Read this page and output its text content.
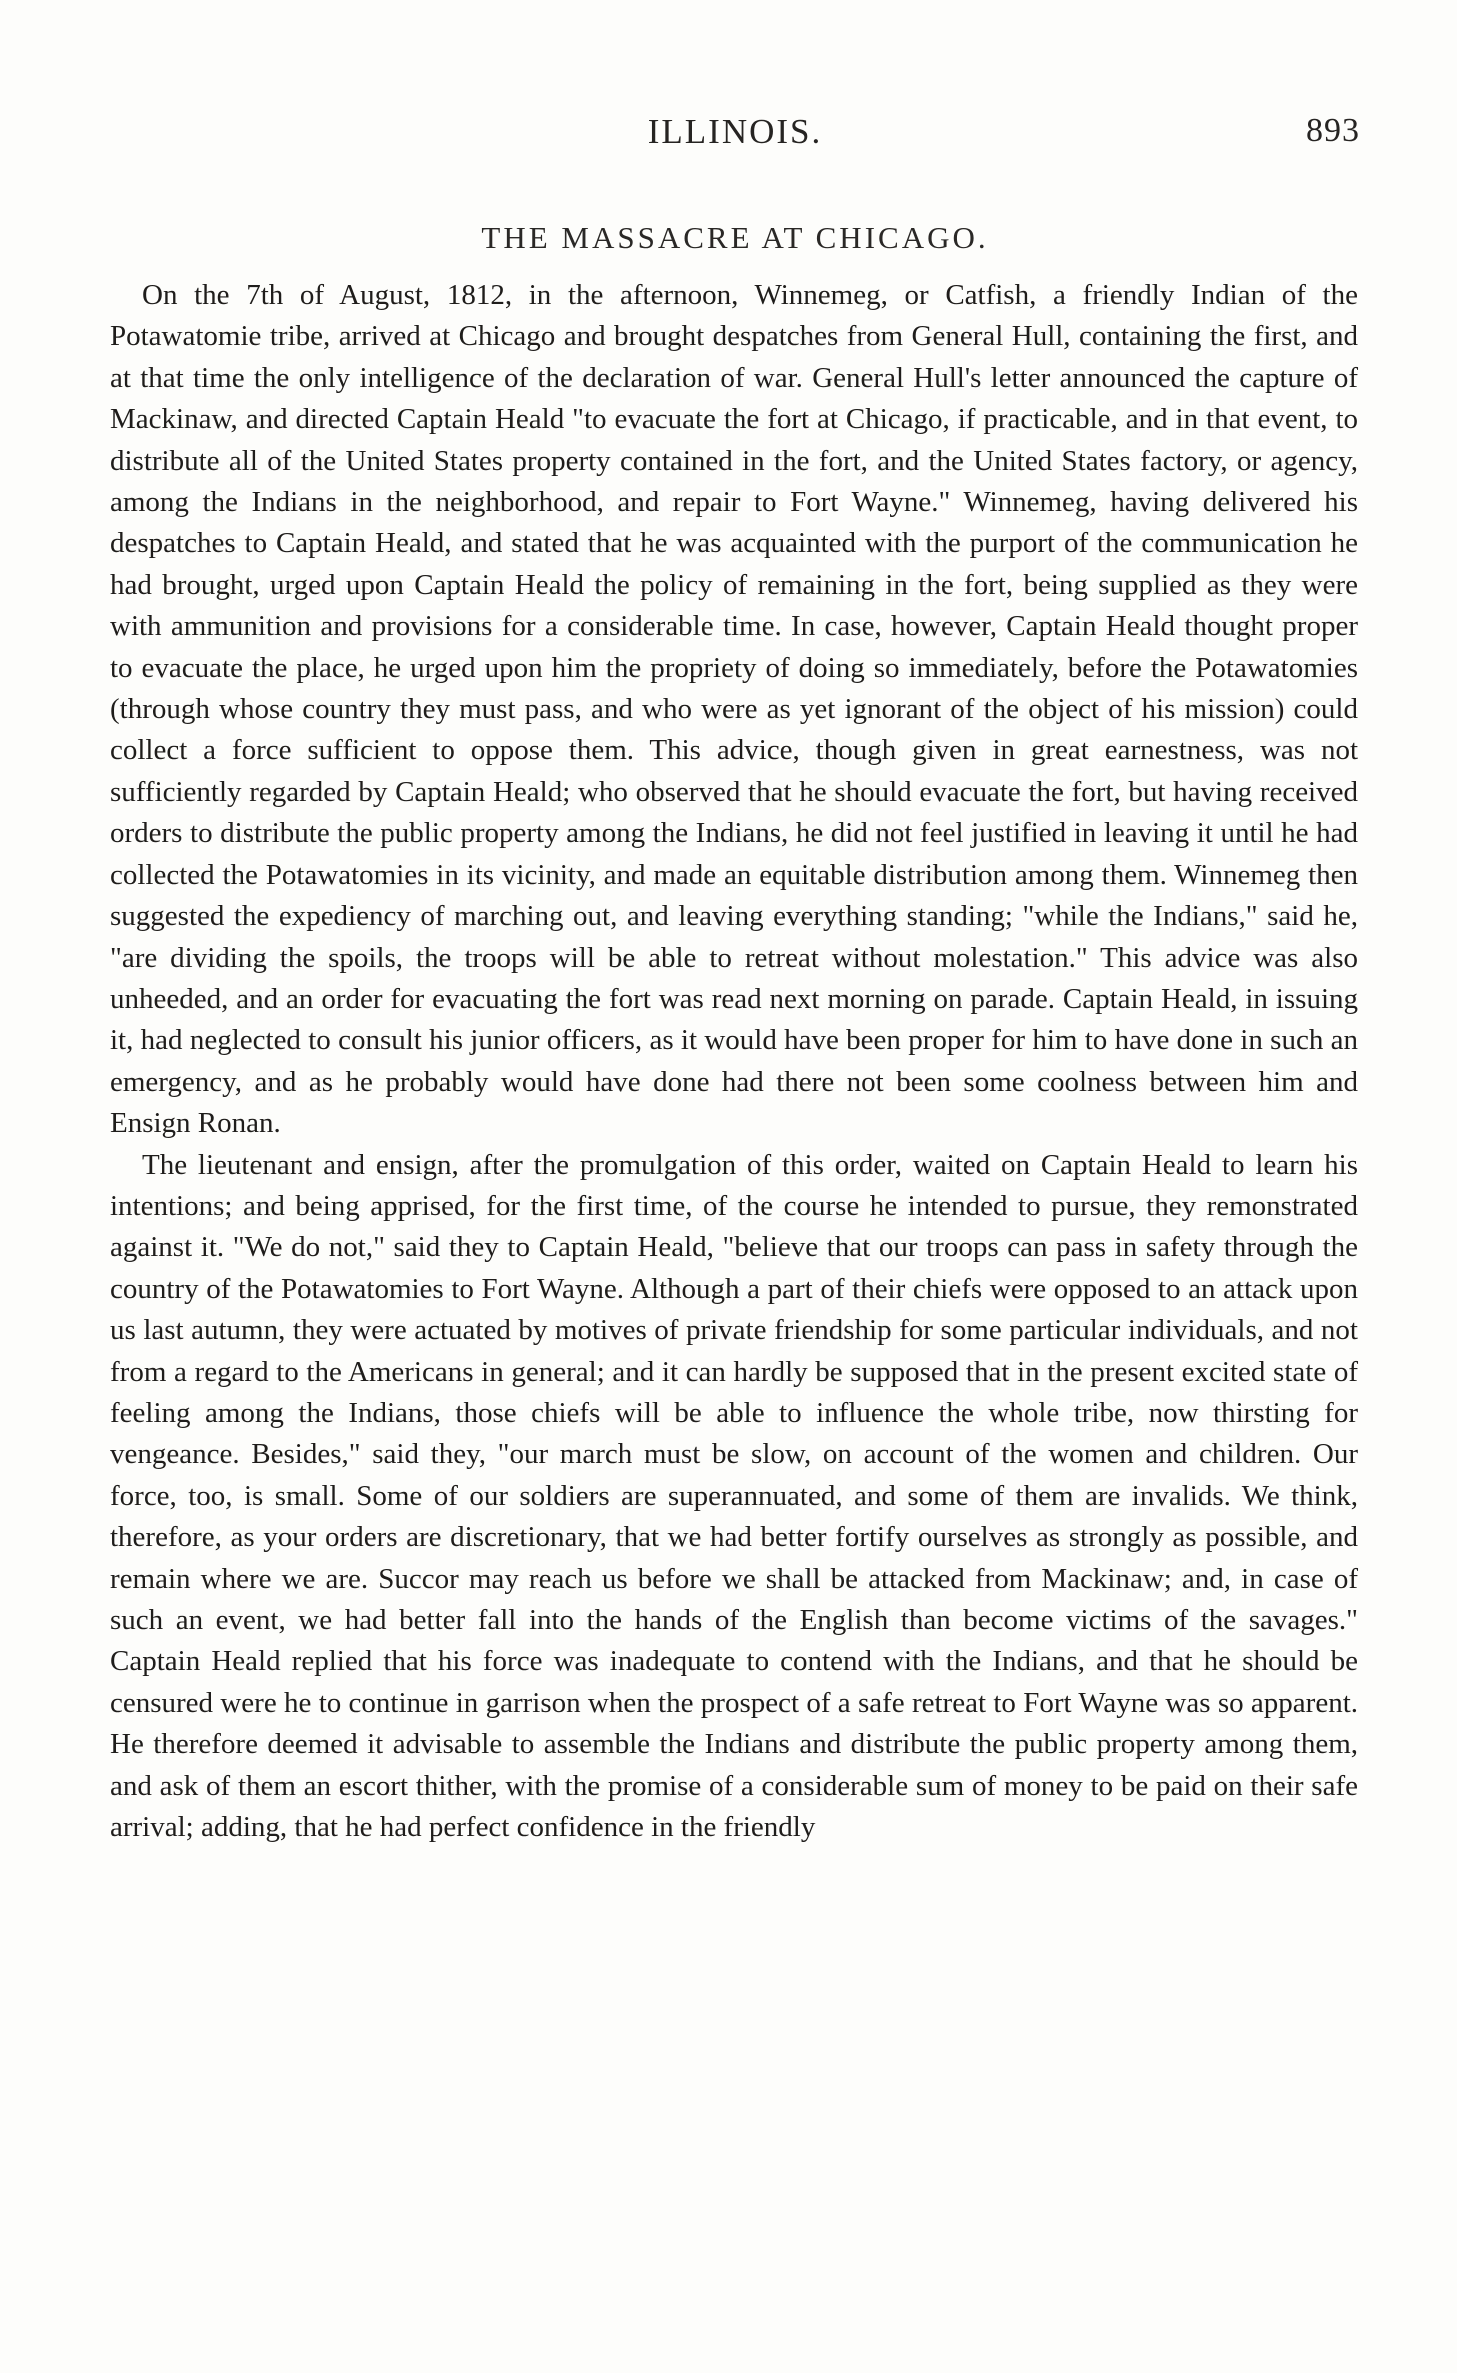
ILLINOIS.	893
THE MASSACRE AT CHICAGO.

On the 7th of August, 1812, in the afternoon, Winnemeg, or Catfish, a friendly Indian of the Potawatomie tribe, arrived at Chicago and brought despatches from General Hull, containing the first, and at that time the only intelligence of the declaration of war. General Hull's letter announced the capture of Mackinaw, and directed Captain Heald "to evacuate the fort at Chicago, if practicable, and in that event, to distribute all of the United States property contained in the fort, and the United States factory, or agency, among the Indians in the neighborhood, and repair to Fort Wayne." Winnemeg, having delivered his despatches to Captain Heald, and stated that he was acquainted with the purport of the communication he had brought, urged upon Captain Heald the policy of remaining in the fort, being supplied as they were with ammunition and provisions for a considerable time. In case, however, Captain Heald thought proper to evacuate the place, he urged upon him the propriety of doing so immediately, before the Potawatomies (through whose country they must pass, and who were as yet ignorant of the object of his mission) could collect a force sufficient to oppose them. This advice, though given in great earnestness, was not sufficiently regarded by Captain Heald; who observed that he should evacuate the fort, but having received orders to distribute the public property among the Indians, he did not feel justified in leaving it until he had collected the Potawatomies in its vicinity, and made an equitable distribution among them. Winnemeg then suggested the expediency of marching out, and leaving everything standing; "while the Indians," said he, "are dividing the spoils, the troops will be able to retreat without molestation." This advice was also unheeded, and an order for evacuating the fort was read next morning on parade. Captain Heald, in issuing it, had neglected to consult his junior officers, as it would have been proper for him to have done in such an emergency, and as he probably would have done had there not been some coolness between him and Ensign Ronan.

The lieutenant and ensign, after the promulgation of this order, waited on Captain Heald to learn his intentions; and being apprised, for the first time, of the course he intended to pursue, they remonstrated against it. "We do not," said they to Captain Heald, "believe that our troops can pass in safety through the country of the Potawatomies to Fort Wayne. Although a part of their chiefs were opposed to an attack upon us last autumn, they were actuated by motives of private friendship for some particular individuals, and not from a regard to the Americans in general; and it can hardly be supposed that in the present excited state of feeling among the Indians, those chiefs will be able to influence the whole tribe, now thirsting for vengeance. Besides," said they, "our march must be slow, on account of the women and children. Our force, too, is small. Some of our soldiers are superannuated, and some of them are invalids. We think, therefore, as your orders are discretionary, that we had better fortify ourselves as strongly as possible, and remain where we are. Succor may reach us before we shall be attacked from Mackinaw; and, in case of such an event, we had better fall into the hands of the English than become victims of the savages." Captain Heald replied that his force was inadequate to contend with the Indians, and that he should be censured were he to continue in garrison when the prospect of a safe retreat to Fort Wayne was so apparent. He therefore deemed it advisable to assemble the Indians and distribute the public property among them, and ask of them an escort thither, with the promise of a considerable sum of money to be paid on their safe arrival; adding, that he had perfect confidence in the friendly
